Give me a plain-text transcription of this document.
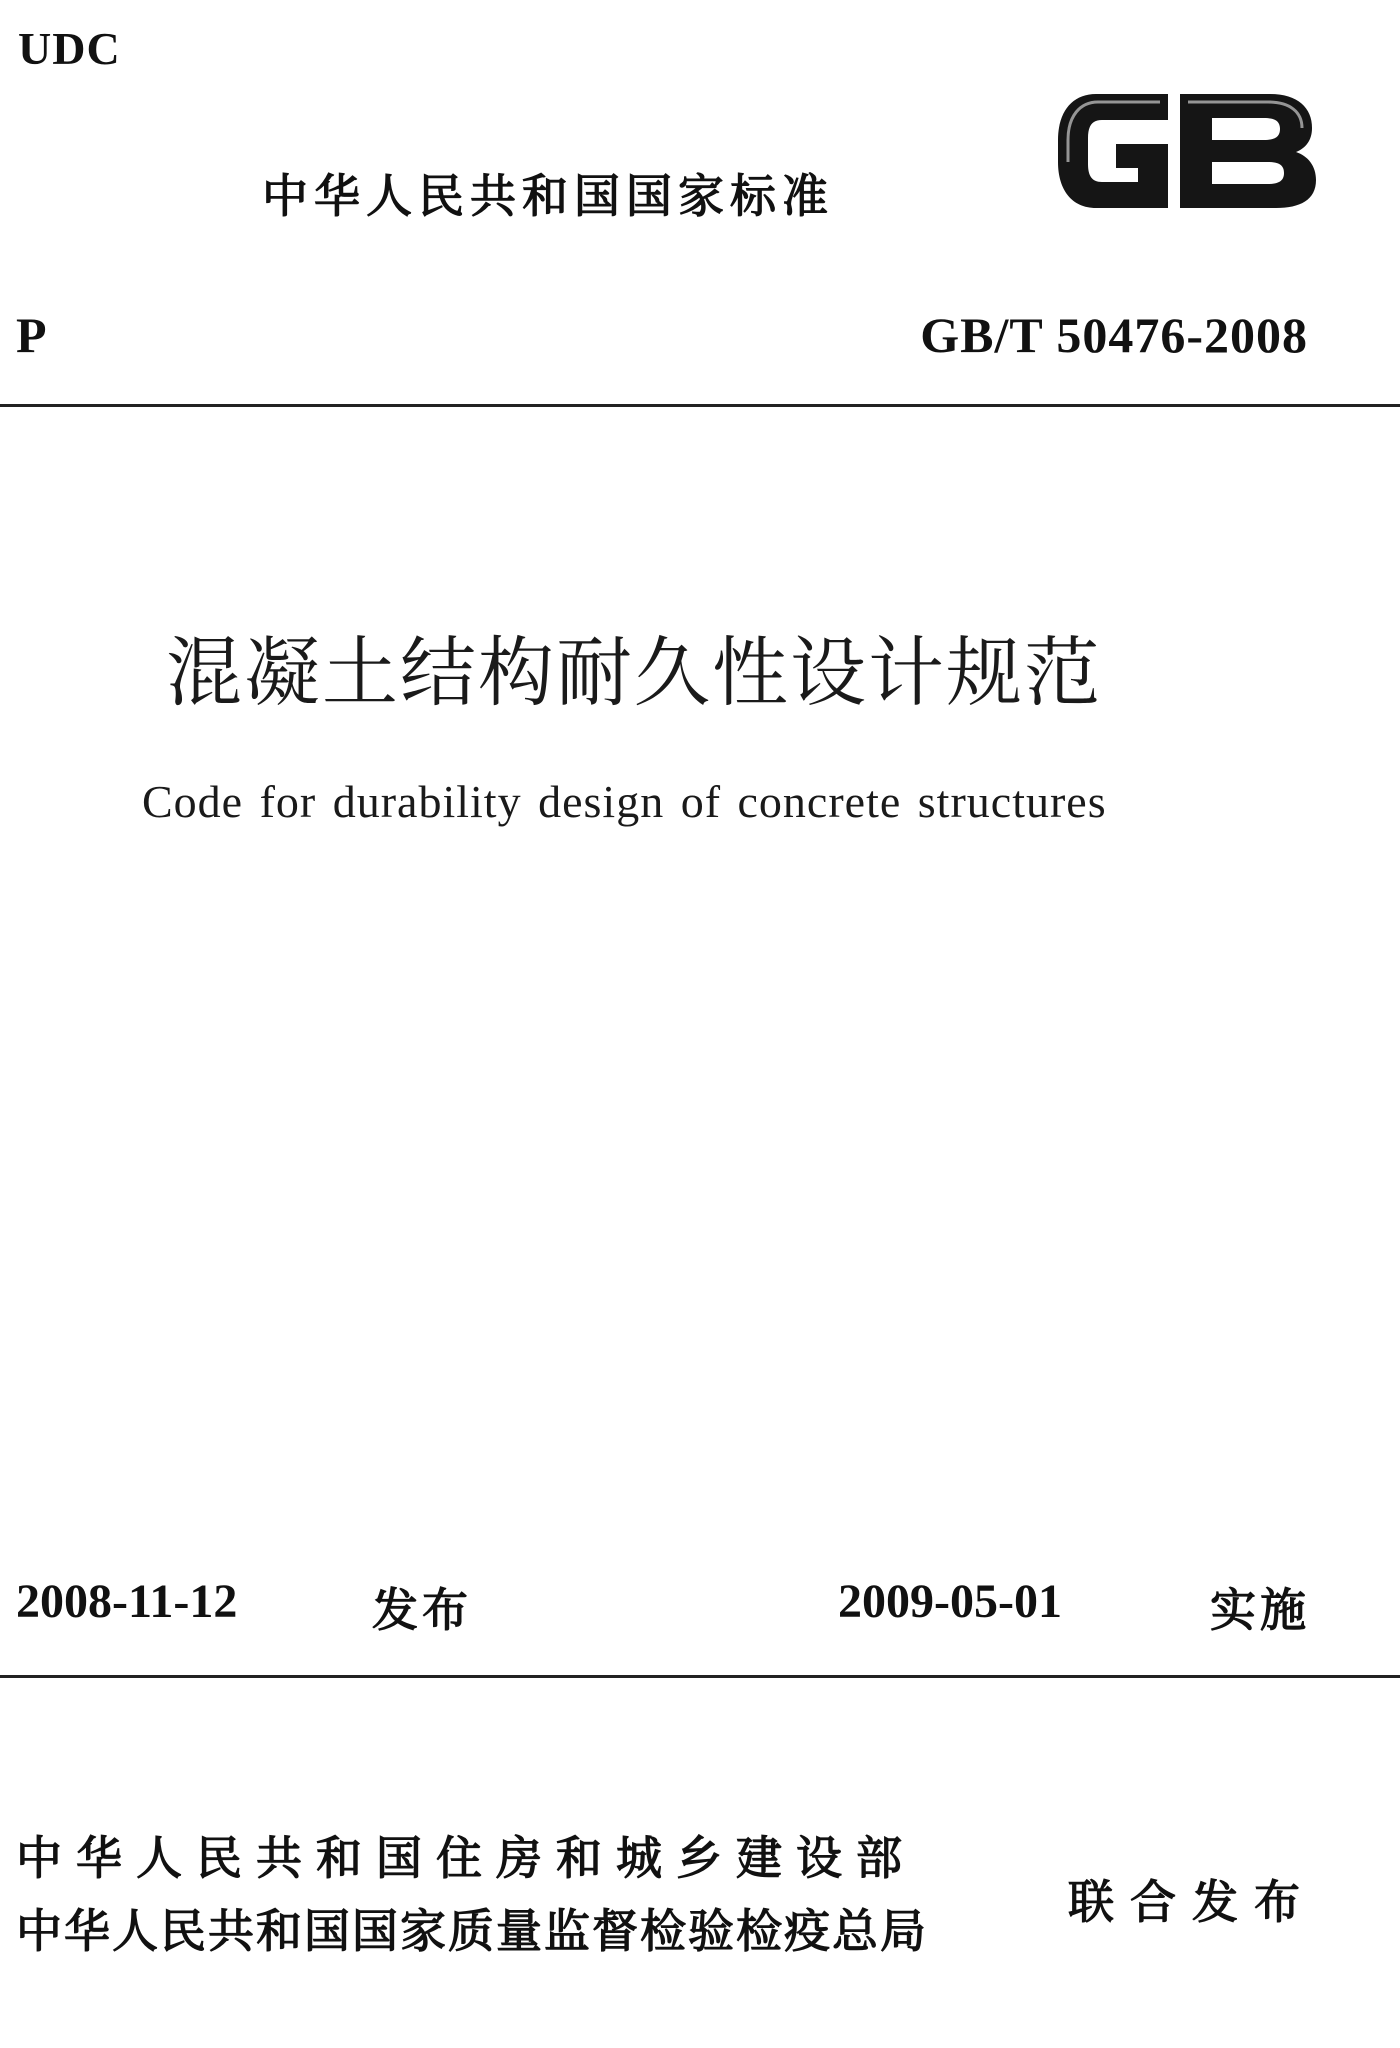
UDC
中华人民共和国国家标准
P	GB/T 50476-2008
混凝土结构耐久性设计规范
Code for durability design of concrete structures
2008-11-12	发布	2009-05-01	实施
中华人民共和国住房和城乡建设部
中华人民共和国国家质量监督检验检疫总局
联合发布
